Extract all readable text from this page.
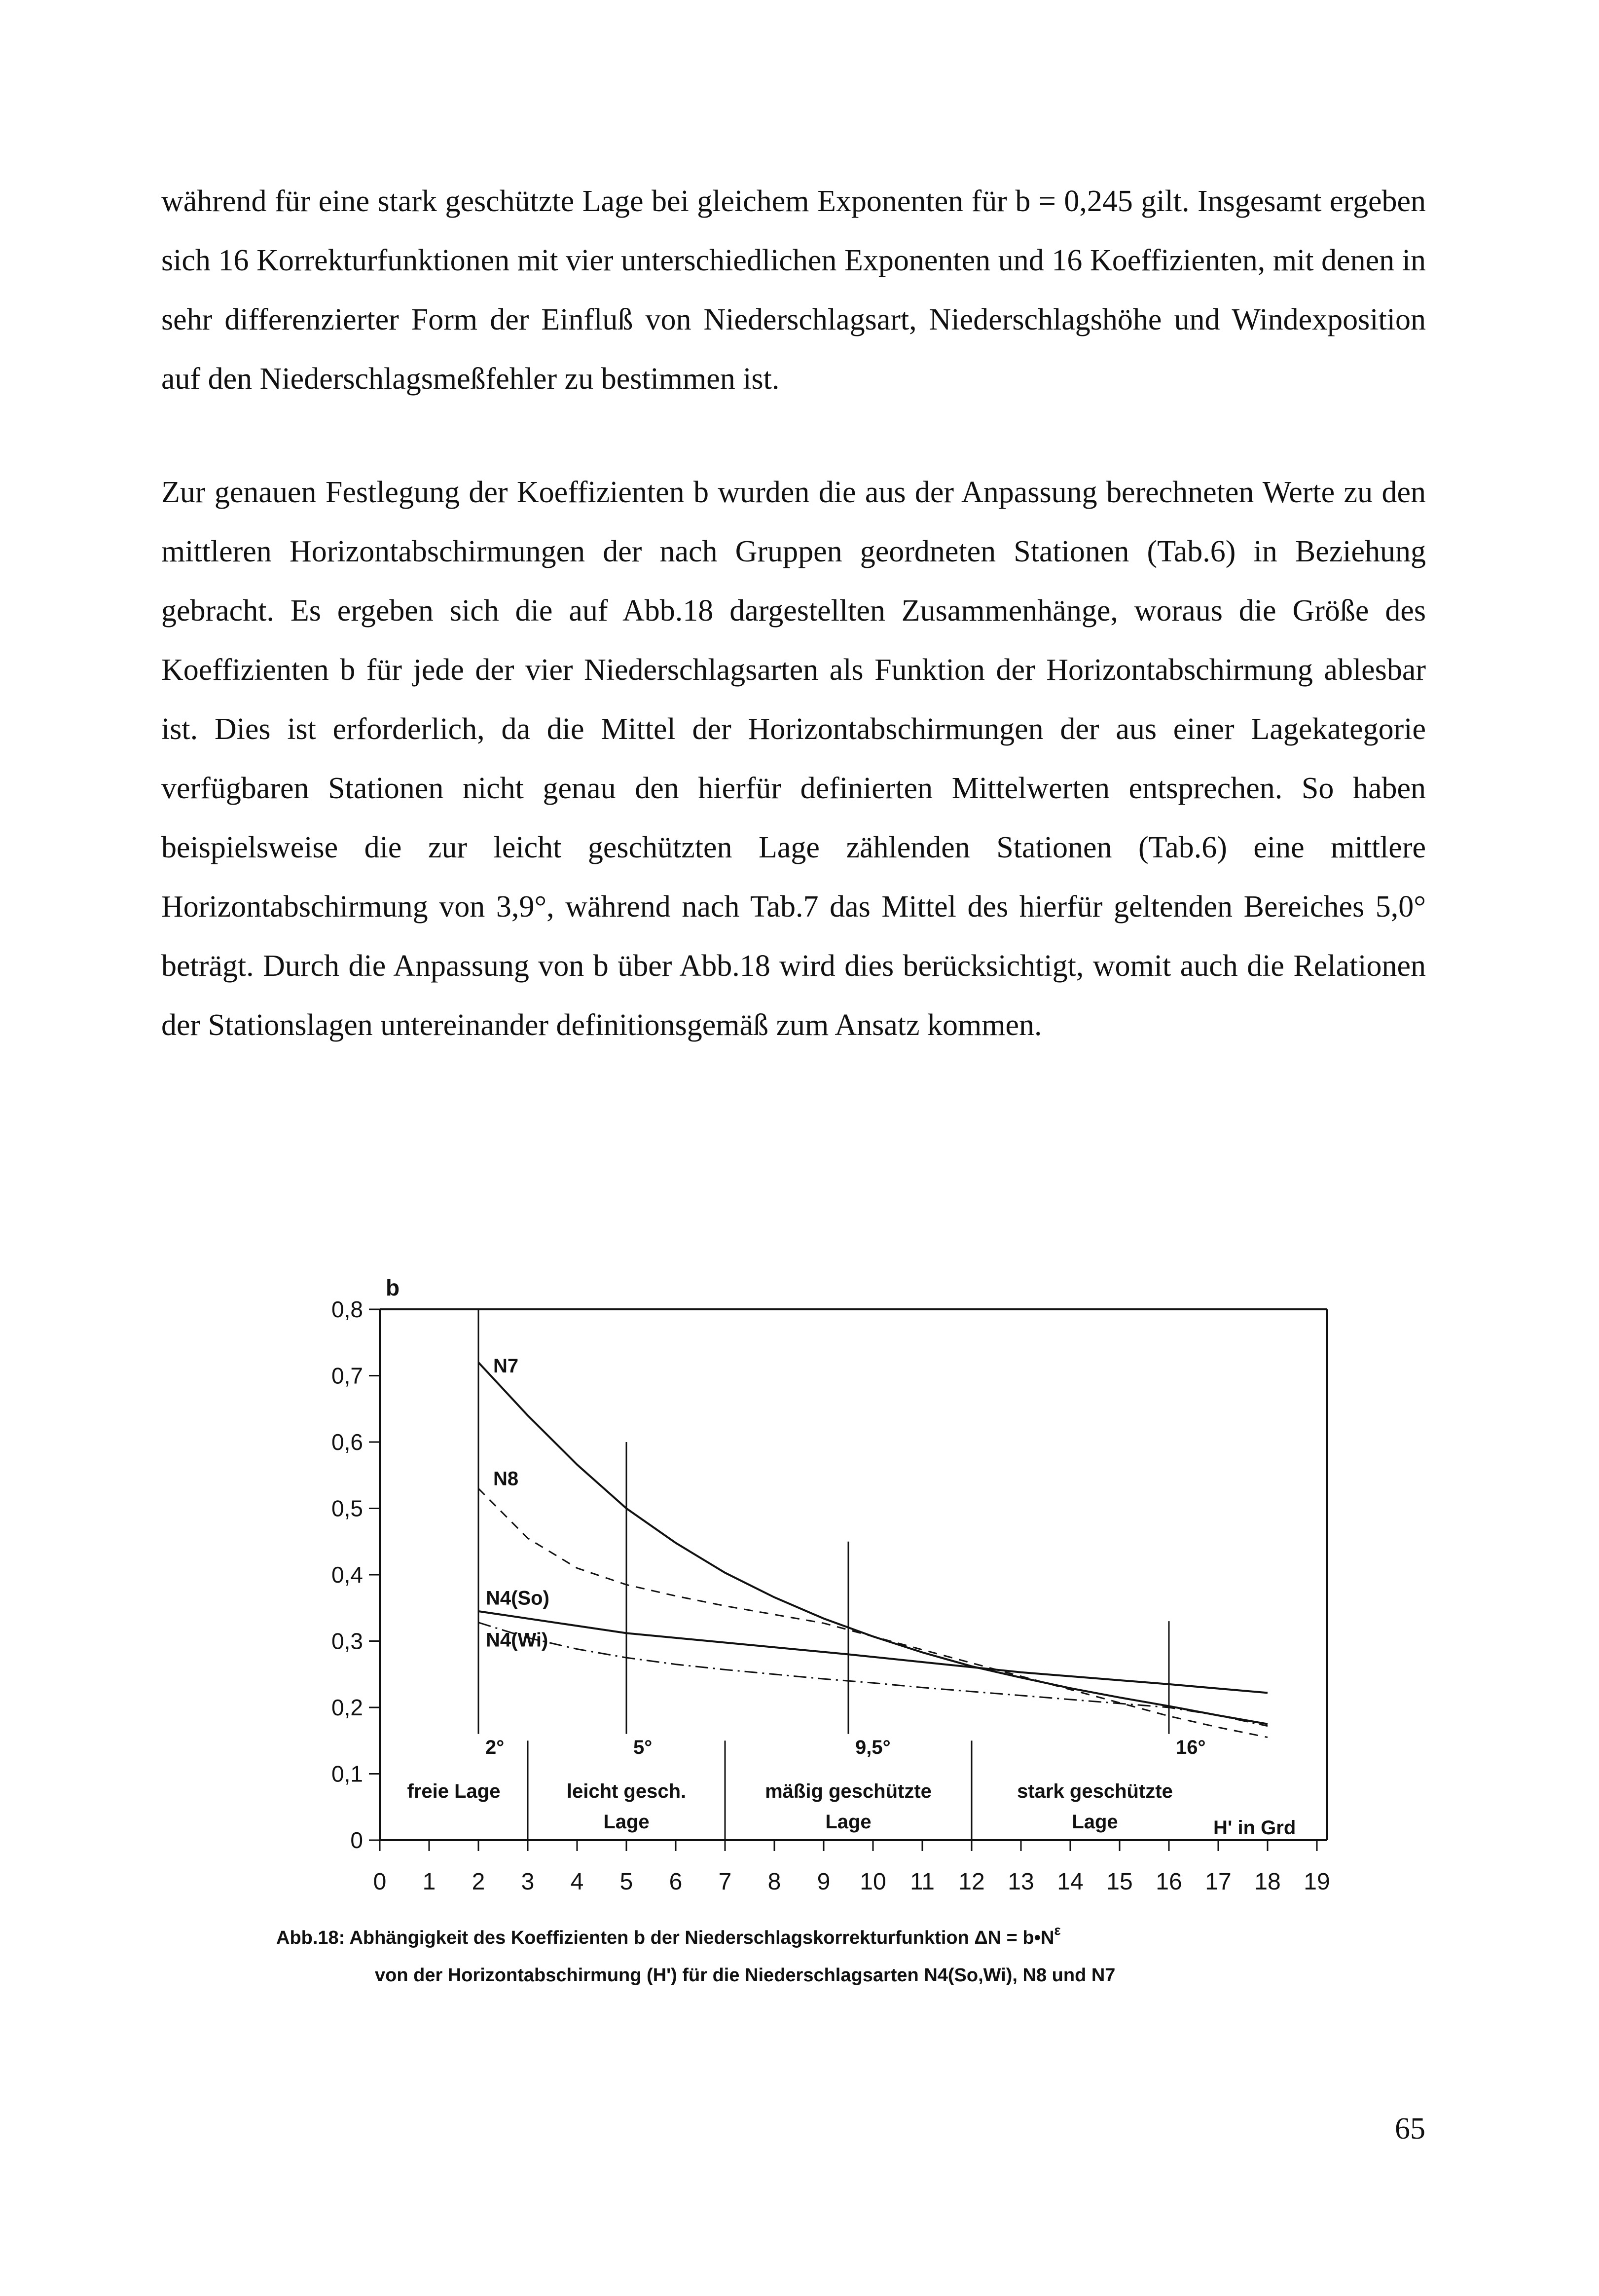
während für eine stark geschützte Lage bei gleichem Exponenten für b = 0,245 gilt. Insgesamt ergeben sich 16 Korrekturfunktionen mit vier unterschiedlichen Exponenten und 16 Koeffizienten, mit denen in sehr differenzierter Form der Einfluß von Niederschlagsart, Niederschlagshöhe und Windexposition auf den Niederschlagsmeßfehler zu bestimmen ist.

Zur genauen Festlegung der Koeffizienten b wurden die aus der Anpassung berechneten Werte zu den mittleren Horizontabschirmungen der nach Gruppen geordneten Stationen (Tab.6) in Beziehung gebracht. Es ergeben sich die auf Abb.18 dargestellten Zusammenhänge, woraus die Größe des Koeffizienten b für jede der vier Niederschlagsarten als Funktion der Horizontabschirmung ablesbar ist. Dies ist erforderlich, da die Mittel der Horizontabschirmungen der aus einer Lagekategorie verfügbaren Stationen nicht genau den hierfür definierten Mittelwerten entsprechen. So haben beispielsweise die zur leicht geschützten Lage zählenden Stationen (Tab.6) eine mittlere Horizontabschirmung von 3,9°, während nach Tab.7 das Mittel des hierfür geltenden Bereiches 5,0° beträgt. Durch die Anpassung von b über Abb.18 wird dies berücksichtigt, womit auch die Relationen der Stationslagen untereinander definitionsgemäß zum Ansatz kommen.

0 1 2 3 4 5 6 7 8 9 10 11 12 13 14 15 16 17 18 19
0
0,1
0,2
0,3
0,4
0,5
0,6
0,7
0,8
2°	5°	9,5°	16°
N7
N8
N4(So)
N4(Wi)
freie Lage	leicht gesch.
Lage
mäßig geschützte
Lage
stark geschützte
Lage
b
H' in Grd
Abb.18: Abhängigkeit des Koeffizienten b der Niederschlagskorrekturfunktion $\Delta N = b•N^\varepsilon$
von der Horizontabschirmung (H') für die Niederschlagsarten N4(So,Wi), N8 und N7
65
